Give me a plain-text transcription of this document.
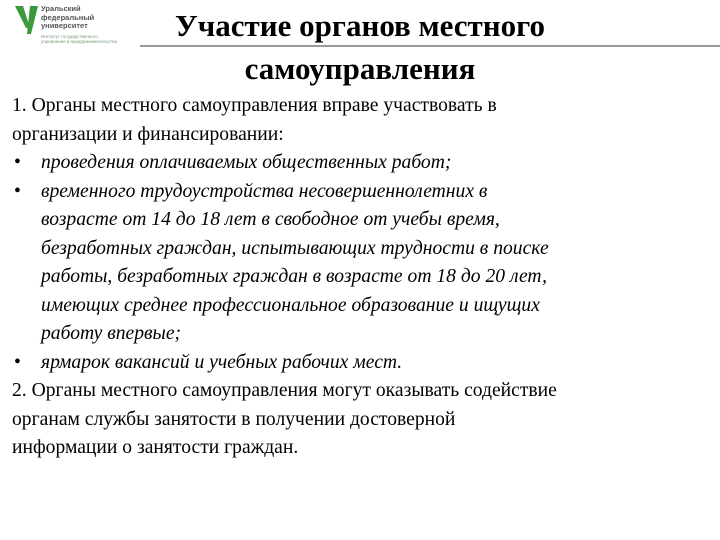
Уральский
федеральный
университет
Институт государственного
управления и предпринимательства	Участие органов местного
самоуправления

1. Органы местного самоуправления вправе участвовать в
организации и финансировании:

• проведения оплачиваемых общественных работ;
• временного трудоустройства несовершеннолетних в
возрасте от 14 до 18 лет в свободное от учебы время,
безработных граждан, испытывающих трудности в поиске
работы, безработных граждан в возрасте от 18 до 20 лет,
имеющих среднее профессиональное образование и ищущих
работу впервые;
• ярмарок вакансий и учебных рабочих мест.

2. Органы местного самоуправления могут оказывать содействие
органам службы занятости в получении достоверной
информации о занятости граждан.
